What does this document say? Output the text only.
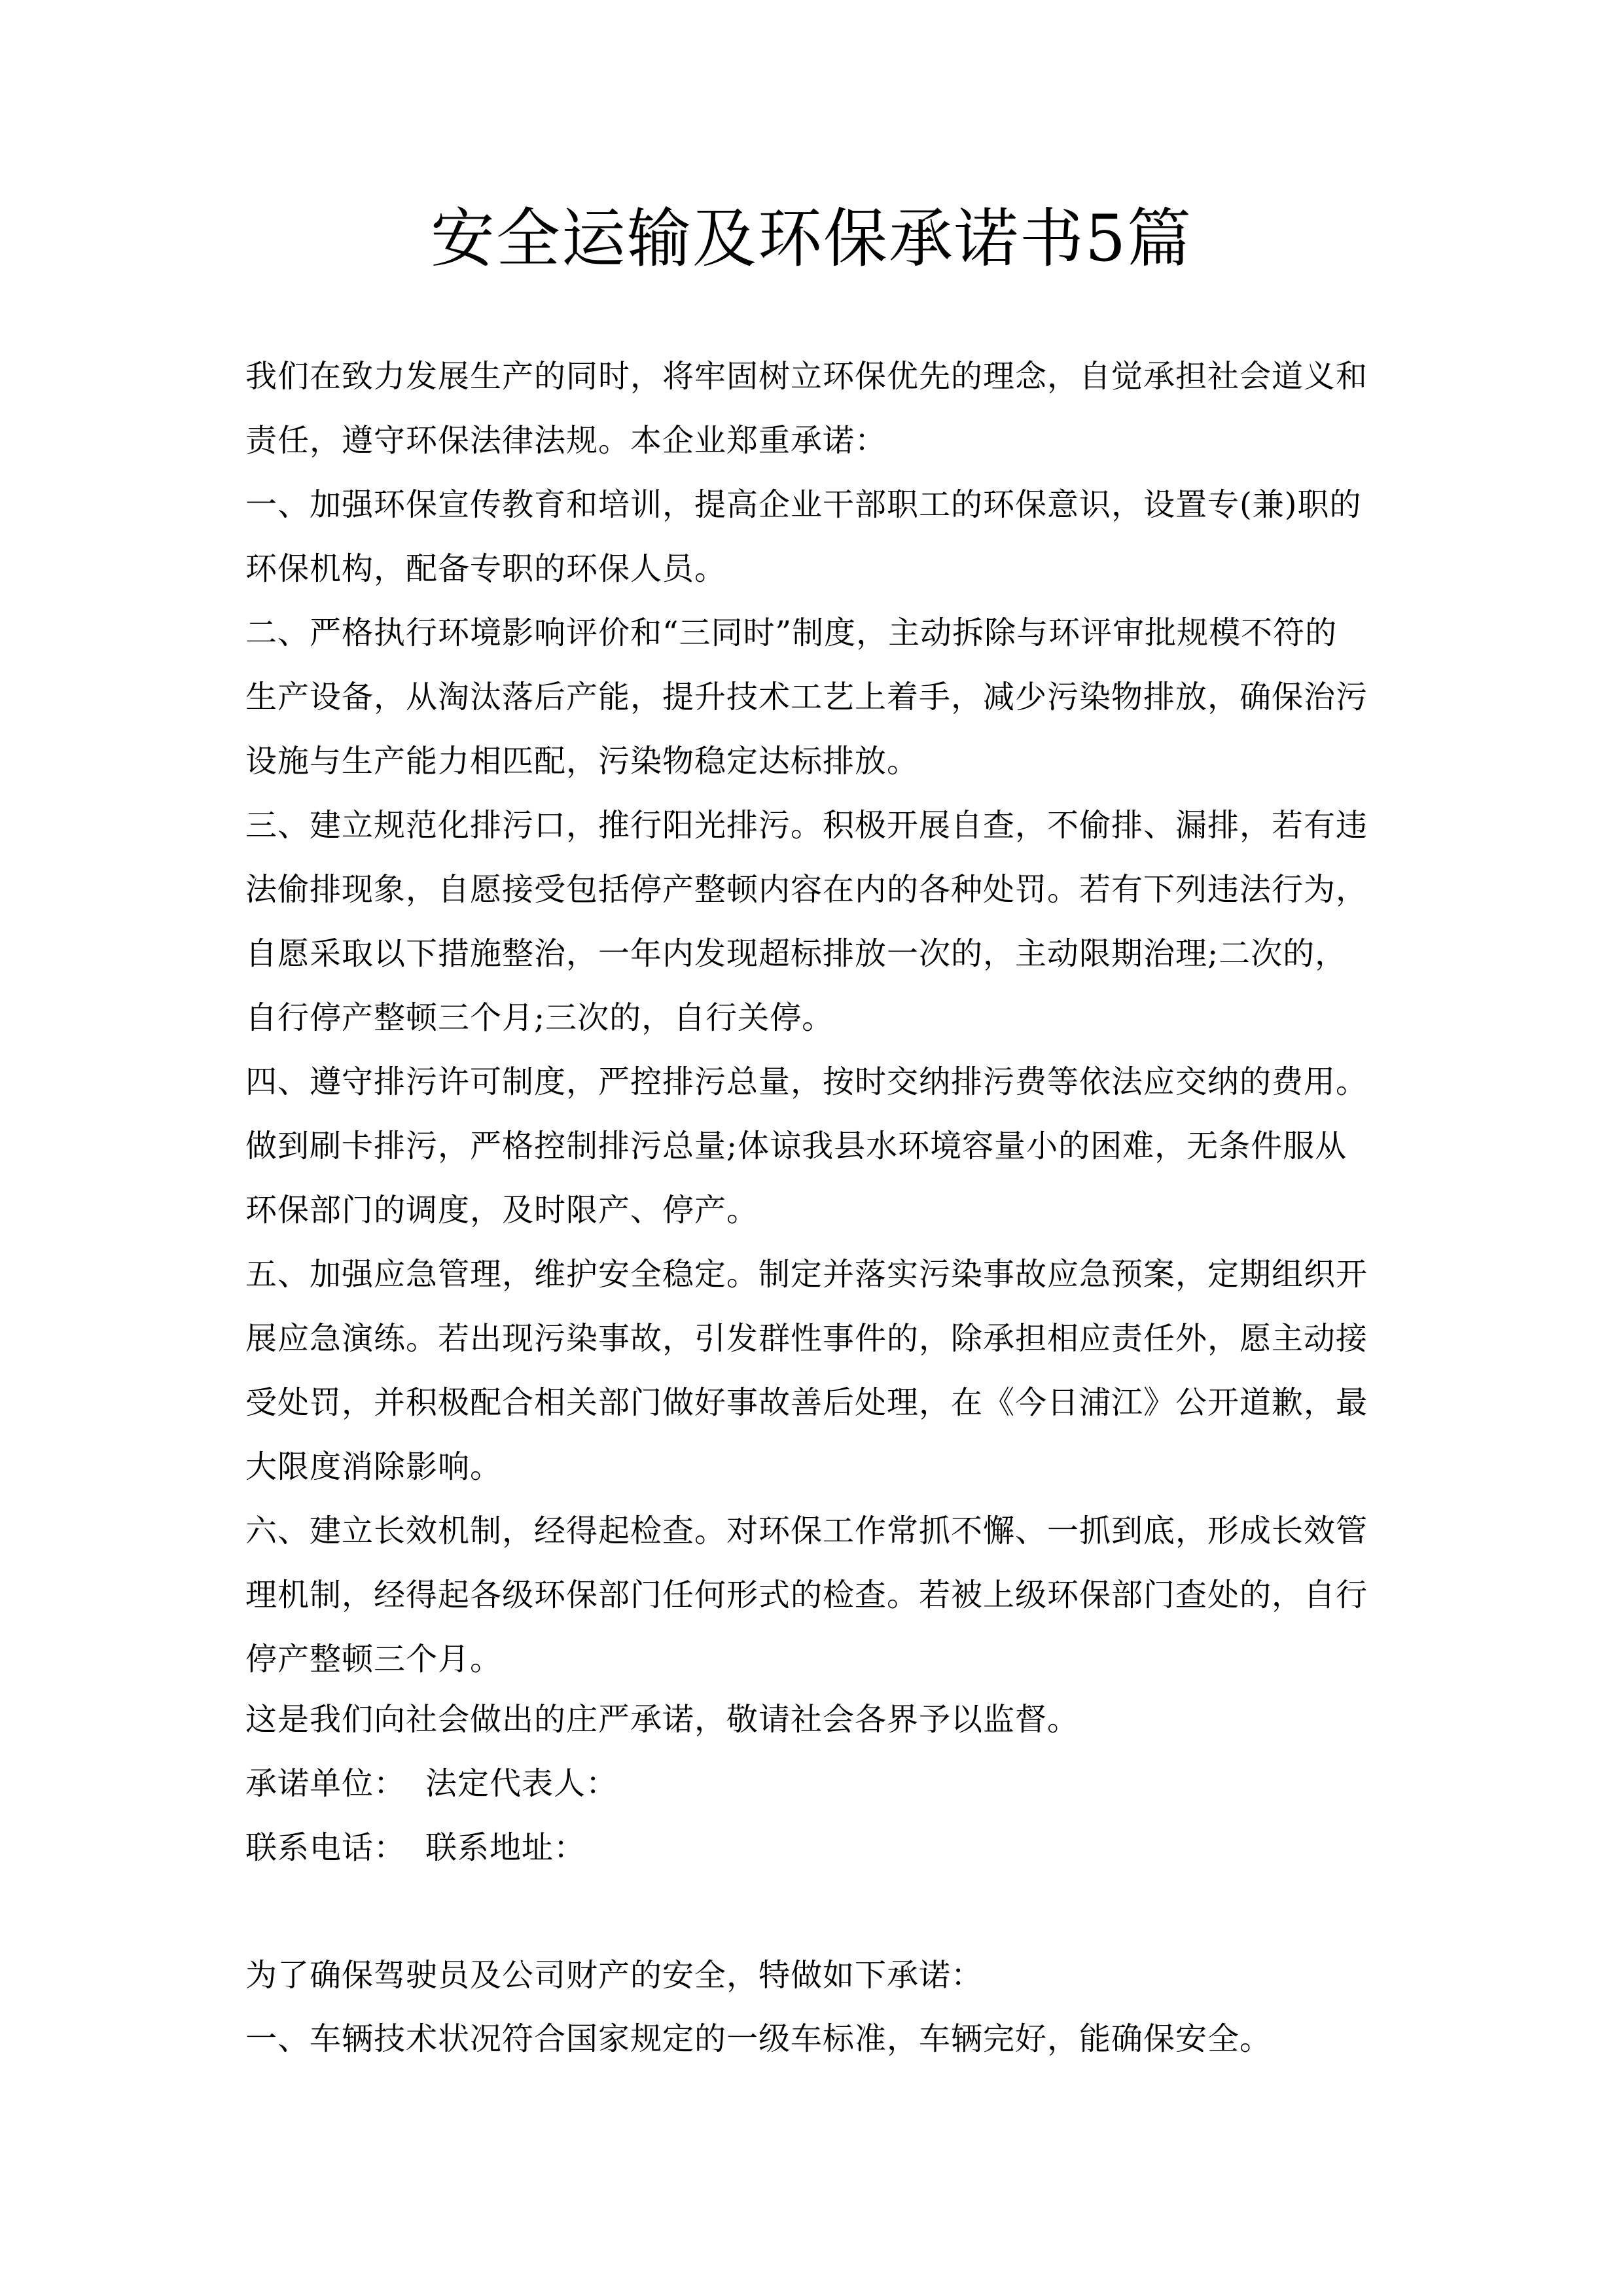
安全运输及环保承诺书5篇
我们在致力发展生产的同时，将牢固树立环保优先的理念，自觉承担社会道义和
责任，遵守环保法律法规。本企业郑重承诺：
一、加强环保宣传教育和培训，提高企业干部职工的环保意识，设置专(兼)职的
环保机构，配备专职的环保人员。
二、严格执行环境影响评价和“三同时”制度，主动拆除与环评审批规模不符的
生产设备，从淘汰落后产能，提升技术工艺上着手，减少污染物排放，确保治污
设施与生产能力相匹配，污染物稳定达标排放。
三、建立规范化排污口，推行阳光排污。积极开展自查，不偷排、漏排，若有违
法偷排现象，自愿接受包括停产整顿内容在内的各种处罚。若有下列违法行为，
自愿采取以下措施整治，一年内发现超标排放一次的，主动限期治理;二次的，
自行停产整顿三个月;三次的，自行关停。
四、遵守排污许可制度，严控排污总量，按时交纳排污费等依法应交纳的费用。
做到刷卡排污，严格控制排污总量;体谅我县水环境容量小的困难，无条件服从
环保部门的调度，及时限产、停产。
五、加强应急管理，维护安全稳定。制定并落实污染事故应急预案，定期组织开
展应急演练。若出现污染事故，引发群性事件的，除承担相应责任外，愿主动接
受处罚，并积极配合相关部门做好事故善后处理，在《今日浦江》公开道歉，最
大限度消除影响。
六、建立长效机制，经得起检查。对环保工作常抓不懈、一抓到底，形成长效管
理机制，经得起各级环保部门任何形式的检查。若被上级环保部门查处的，自行
停产整顿三个月。
这是我们向社会做出的庄严承诺，敬请社会各界予以监督。
承诺单位： 法定代表人：
联系电话： 联系地址：
为了确保驾驶员及公司财产的安全，特做如下承诺：
一、车辆技术状况符合国家规定的一级车标准，车辆完好，能确保安全。
